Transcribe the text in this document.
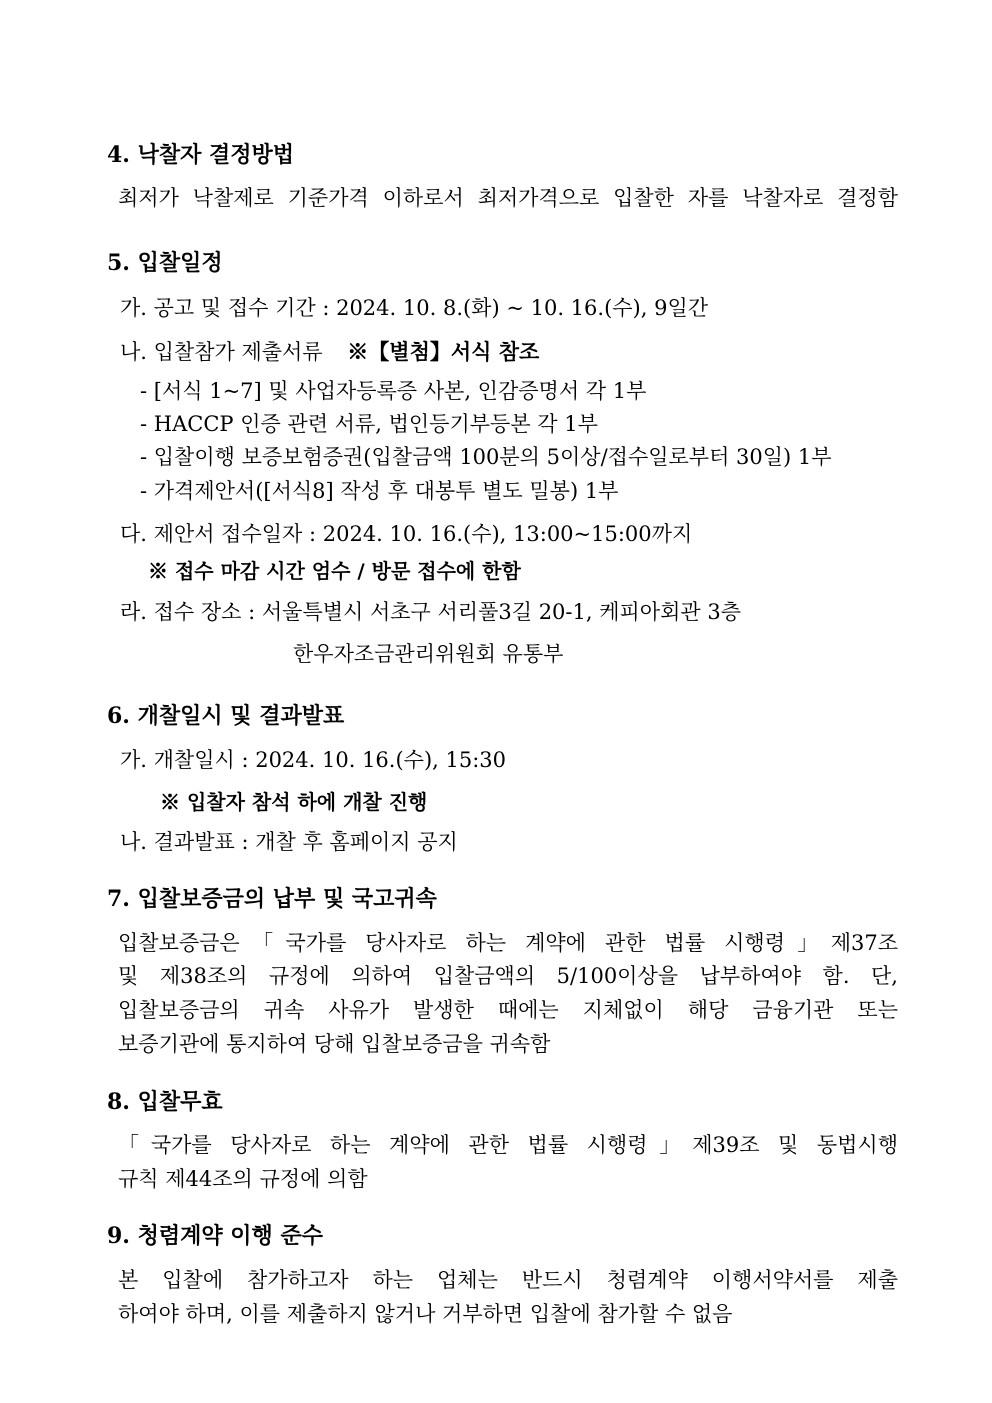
4. 낙찰자 결정방법
최저가 낙찰제로 기준가격 이하로서 최저가격으로 입찰한 자를 낙찰자로 결정함
5. 입찰일정
가. 공고 및 접수 기간 : 2024. 10. 8.(화) ~ 10. 16.(수), 9일간
나. 입찰참가 제출서류 ※【별첨】서식 참조
- [서식 1~7] 및 사업자등록증 사본, 인감증명서 각 1부
- HACCP 인증 관련 서류, 법인등기부등본 각 1부
- 입찰이행 보증보험증권(입찰금액 100분의 5이상/접수일로부터 30일) 1부
- 가격제안서([서식8] 작성 후 대봉투 별도 밀봉) 1부
다. 제안서 접수일자 : 2024. 10. 16.(수), 13:00~15:00까지
※ 접수 마감 시간 엄수 / 방문 접수에 한함
라. 접수 장소 : 서울특별시 서초구 서리풀3길 20-1, 케피아회관 3층
한우자조금관리위원회 유통부
6. 개찰일시 및 결과발표
가. 개찰일시 : 2024. 10. 16.(수), 15:30
※ 입찰자 참석 하에 개찰 진행
나. 결과발표 : 개찰 후 홈페이지 공지
7. 입찰보증금의 납부 및 국고귀속
입찰보증금은「국가를 당사자로 하는 계약에 관한 법률 시행령」제37조
및 제38조의 규정에 의하여 입찰금액의 5/100이상을 납부하여야 함. 단,
입찰보증금의 귀속 사유가 발생한 때에는 지체없이 해당 금융기관 또는
보증기관에 통지하여 당해 입찰보증금을 귀속함
8. 입찰무효
「국가를 당사자로 하는 계약에 관한 법률 시행령」제39조 및 동법시행
규칙 제44조의 규정에 의함
9. 청렴계약 이행 준수
본 입찰에 참가하고자 하는 업체는 반드시 청렴계약 이행서약서를 제출
하여야 하며, 이를 제출하지 않거나 거부하면 입찰에 참가할 수 없음
